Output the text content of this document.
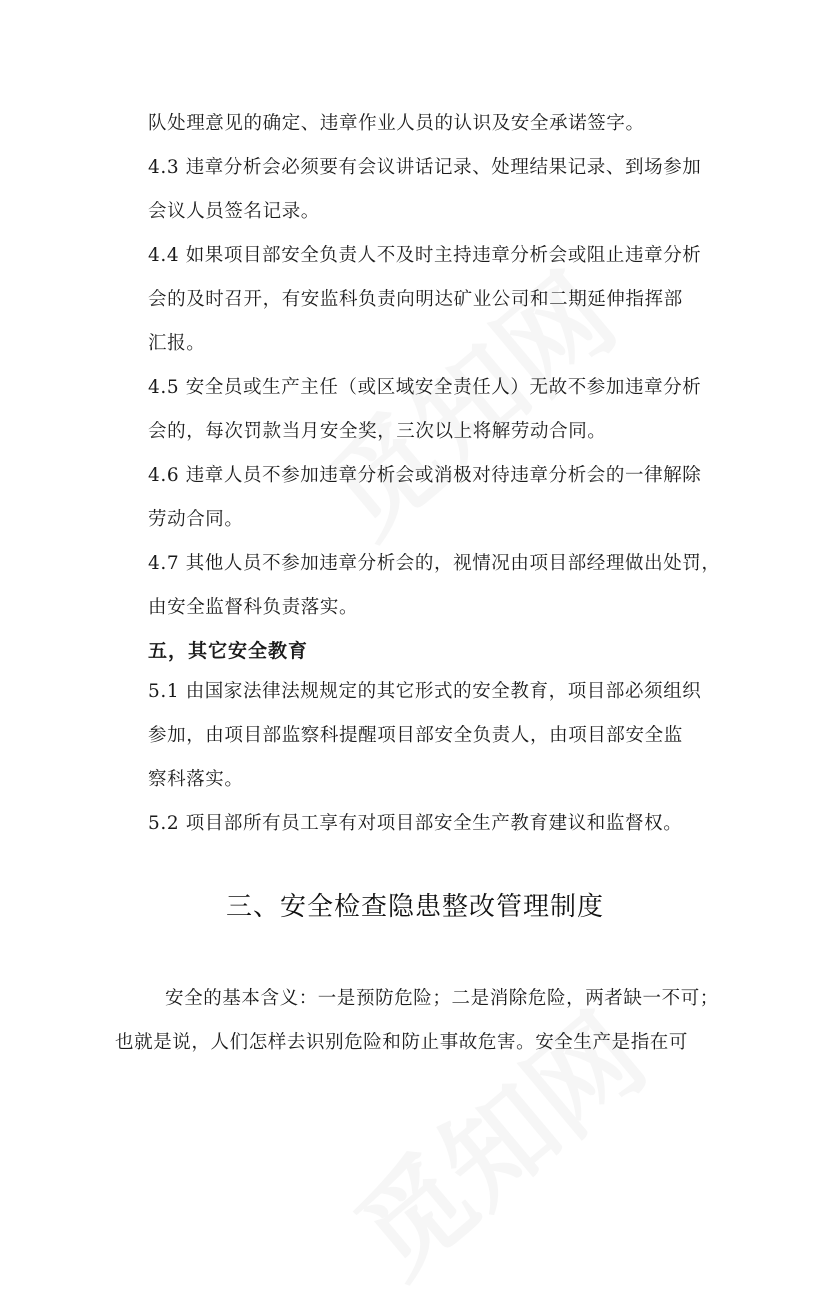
队处理意见的确定、违章作业人员的认识及安全承诺签字。
4.3 违章分析会必须要有会议讲话记录、处理结果记录、到场参加
会议人员签名记录。
4.4 如果项目部安全负责人不及时主持违章分析会或阻止违章分析
会的及时召开，有安监科负责向明达矿业公司和二期延伸指挥部
汇报。
4.5 安全员或生产主任（或区域安全责任人）无故不参加违章分析
会的，每次罚款当月安全奖，三次以上将解劳动合同。
4.6 违章人员不参加违章分析会或消极对待违章分析会的一律解除
劳动合同。
4.7 其他人员不参加违章分析会的，视情况由项目部经理做出处罚，
由安全监督科负责落实。
五，其它安全教育
5.1 由国家法律法规规定的其它形式的安全教育，项目部必须组织
参加，由项目部监察科提醒项目部安全负责人，由项目部安全监
察科落实。
5.2 项目部所有员工享有对项目部安全生产教育建议和监督权。
三、安全检查隐患整改管理制度
安全的基本含义：一是预防危险；二是消除危险，两者缺一不可；
也就是说，人们怎样去识别危险和防止事故危害。安全生产是指在可
